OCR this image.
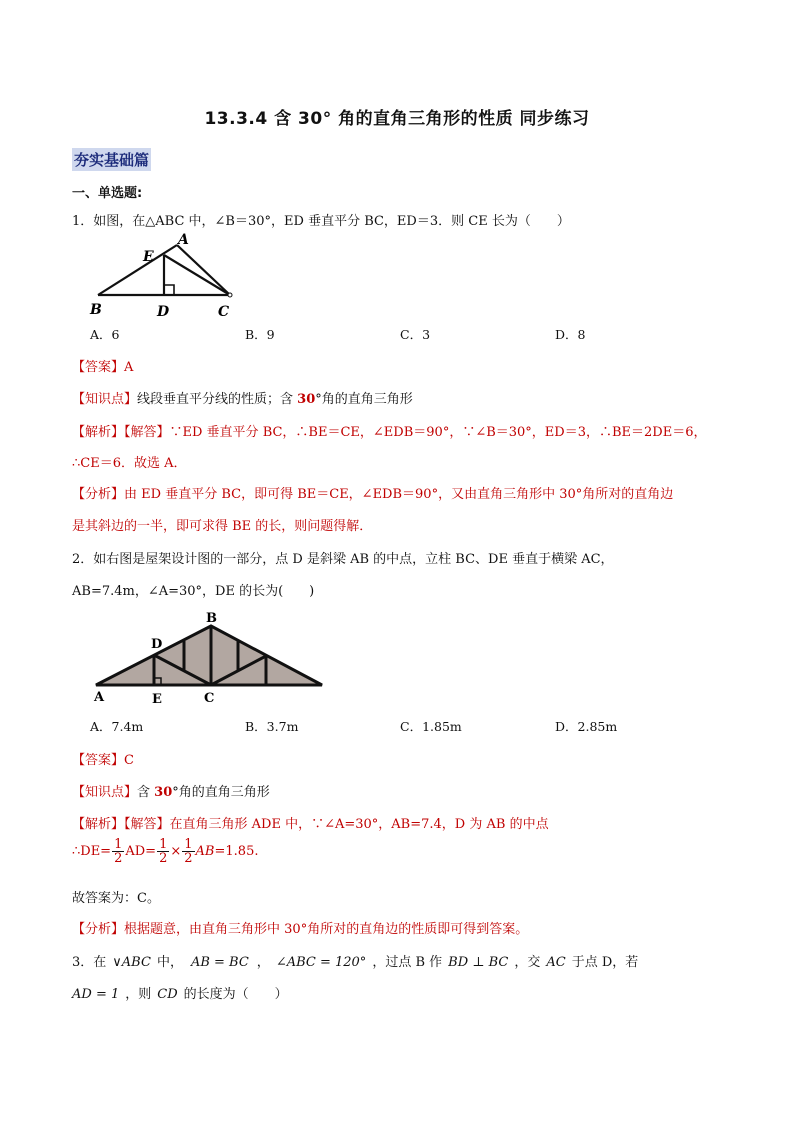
13.3.4 含 30° 角的直角三角形的性质 同步练习
夯实基础篇
一、单选题:
1．如图，在△ABC 中，∠B＝30°，ED 垂直平分 BC，ED＝3．则 CE 长为（　　）
A
E
B	D	C
A．6	B．9	C．3	D．8
【答案】A
【知识点】线段垂直平分线的性质；含 30°角的直角三角形
【解析】【解答】∵ED 垂直平分 BC，∴BE＝CE，∠EDB＝90°，∵∠B＝30°，ED＝3，∴BE＝2DE＝6，
∴CE＝6．故选 A．
【分析】由 ED 垂直平分 BC，即可得 BE＝CE，∠EDB＝90°，又由直角三角形中 30°角所对的直角边
是其斜边的一半，即可求得 BE 的长，则问题得解．
2．如右图是屋架设计图的一部分，点 D 是斜梁 AB 的中点，立柱 BC、DE 垂直于横梁 AC，
AB=7.4m，∠A=30°，DE 的长为(　　)
B
D
A	E	C
A．7.4m	B．3.7m	C．1.85m	D．2.85m
【答案】C
【知识点】含 30°角的直角三角形
【解析】【解答】在直角三角形 ADE 中，∵∠A=30°，AB=7.4，D 为 AB 的中点
∴DE= $\frac{1}{2} AD= \frac{1}{2} \times \frac{1}{2} AB=1.85$.
故答案为：C。
【分析】根据题意，由直角三角形中 30°角所对的直角边的性质即可得到答案。
3．在 ∨ABC 中， AB = BC ， ∠ABC = 120° ，过点 B 作 BD ⊥ BC ，交 AC 于点 D，若
AD = 1 ，则 CD 的长度为（　　）
